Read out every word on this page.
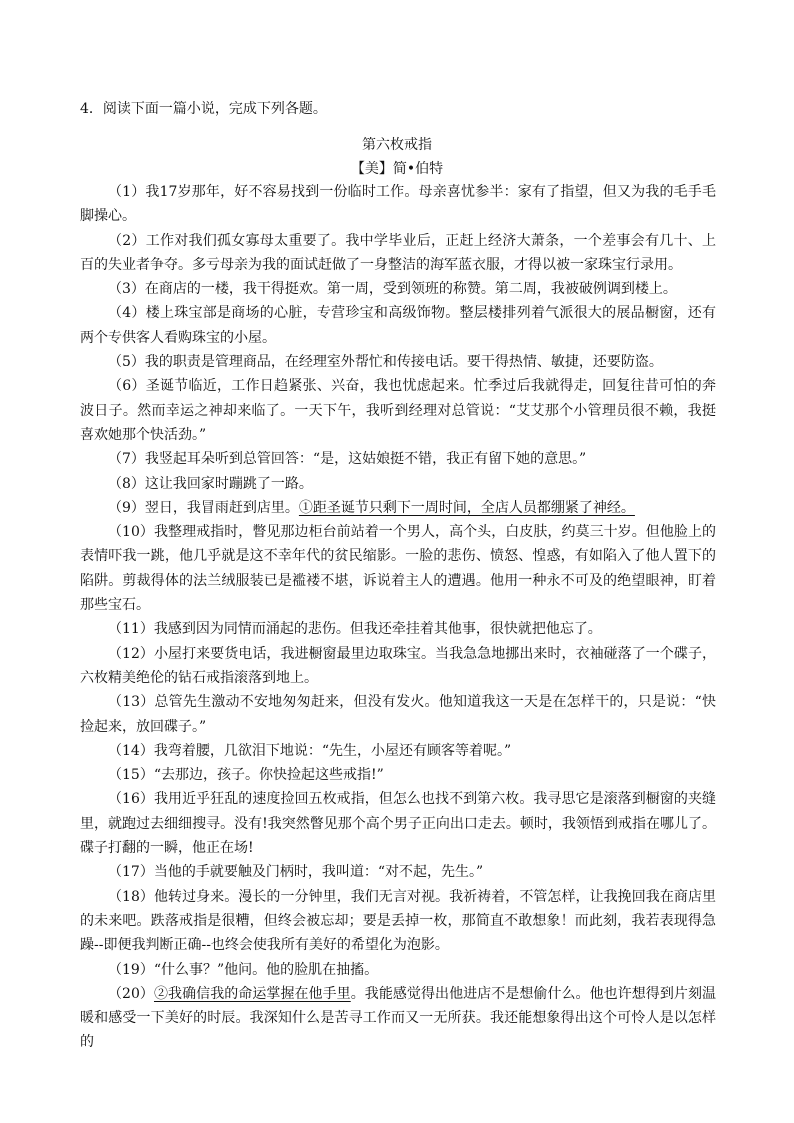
4．阅读下面一篇小说，完成下列各题。
第六枚戒指
【美】简•伯特

（1）我17岁那年，好不容易找到一份临时工作。母亲喜忧参半：家有了指望，但又为我的毛手毛脚操心。

（2）工作对我们孤女寡母太重要了。我中学毕业后，正赶上经济大萧条，一个差事会有几十、上百的失业者争夺。多亏母亲为我的面试赶做了一身整洁的海军蓝衣服，才得以被一家珠宝行录用。

（3）在商店的一楼，我干得挺欢。第一周，受到领班的称赞。第二周，我被破例调到楼上。

（4）楼上珠宝部是商场的心脏，专营珍宝和高级饰物。整层楼排列着气派很大的展品橱窗，还有两个专供客人看购珠宝的小屋。

（5）我的职责是管理商品，在经理室外帮忙和传接电话。要干得热情、敏捷，还要防盗。

（6）圣诞节临近，工作日趋紧张、兴奋，我也忧虑起来。忙季过后我就得走，回复往昔可怕的奔波日子。然而幸运之神却来临了。一天下午，我听到经理对总管说：“艾艾那个小管理员很不赖，我挺喜欢她那个快活劲。”

（7）我竖起耳朵听到总管回答：“是，这姑娘挺不错，我正有留下她的意思。”

（8）这让我回家时蹦跳了一路。

（9）翌日，我冒雨赶到店里。①距圣诞节只剩下一周时间，全店人员都绷紧了神经。

（10）我整理戒指时，瞥见那边柜台前站着一个男人，高个头，白皮肤，约莫三十岁。但他脸上的表情吓我一跳，他几乎就是这不幸年代的贫民缩影。一脸的悲伤、愤怒、惶惑，有如陷入了他人置下的陷阱。剪裁得体的法兰绒服装已是褴褛不堪，诉说着主人的遭遇。他用一种永不可及的绝望眼神，盯着那些宝石。

（11）我感到因为同情而涌起的悲伤。但我还牵挂着其他事，很快就把他忘了。

（12）小屋打来要货电话，我进橱窗最里边取珠宝。当我急急地挪出来时，衣袖碰落了一个碟子，六枚精美绝伦的钻石戒指滚落到地上。

（13）总管先生激动不安地匆匆赶来，但没有发火。他知道我这一天是在怎样干的，只是说：“快捡起来，放回碟子。”

（14）我弯着腰，几欲泪下地说：“先生，小屋还有顾客等着呢。”

（15）“去那边，孩子。你快捡起这些戒指!”

（16）我用近乎狂乱的速度捡回五枚戒指，但怎么也找不到第六枚。我寻思它是滚落到橱窗的夹缝里，就跑过去细细搜寻。没有!我突然瞥见那个高个男子正向出口走去。顿时，我领悟到戒指在哪儿了。碟子打翻的一瞬，他正在场!

（17）当他的手就要触及门柄时，我叫道：“对不起，先生。”

（18）他转过身来。漫长的一分钟里，我们无言对视。我祈祷着，不管怎样，让我挽回我在商店里的未来吧。跌落戒指是很糟，但终会被忘却；要是丢掉一枚，那简直不敢想象！而此刻，我若表现得急躁--即便我判断正确--也终会使我所有美好的希望化为泡影。

（19）“什么事？”他问。他的脸肌在抽搐。

（20）②我确信我的命运掌握在他手里。我能感觉得出他进店不是想偷什么。他也许想得到片刻温暖和感受一下美好的时辰。我深知什么是苦寻工作而又一无所获。我还能想象得出这个可怜人是以怎样的
